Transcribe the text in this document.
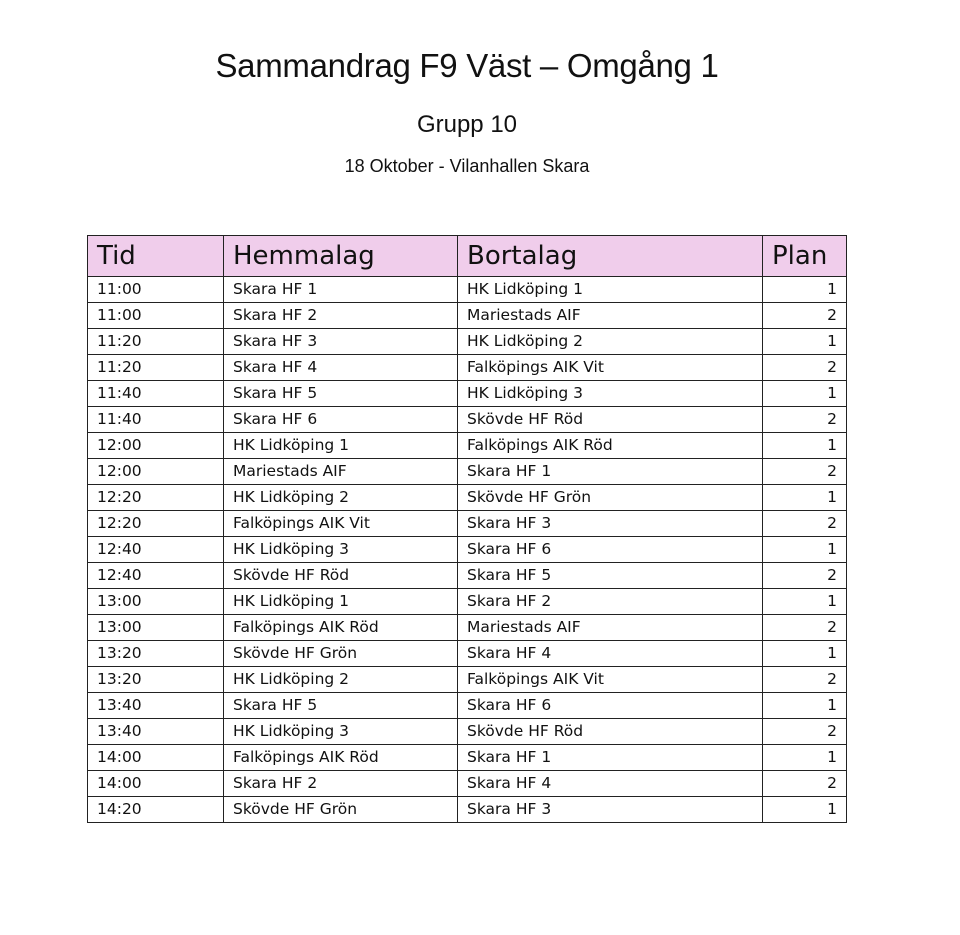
Sammandrag F9 Väst – Omgång 1
Grupp 10
18 Oktober - Vilanhallen Skara
Tid	Hemmalag	Bortalag	Plan
11:00	Skara HF 1	HK Lidköping 1	1
11:00	Skara HF 2	Mariestads AIF	2
11:20	Skara HF 3	HK Lidköping 2	1
11:20	Skara HF 4	Falköpings AIK Vit	2
11:40	Skara HF 5	HK Lidköping 3	1
11:40	Skara HF 6	Skövde HF Röd	2
12:00	HK Lidköping 1	Falköpings AIK Röd	1
12:00	Mariestads AIF	Skara HF 1	2
12:20	HK Lidköping 2	Skövde HF Grön	1
12:20	Falköpings AIK Vit	Skara HF 3	2
12:40	HK Lidköping 3	Skara HF 6	1
12:40	Skövde HF Röd	Skara HF 5	2
13:00	HK Lidköping 1	Skara HF 2	1
13:00	Falköpings AIK Röd	Mariestads AIF	2
13:20	Skövde HF Grön	Skara HF 4	1
13:20	HK Lidköping 2	Falköpings AIK Vit	2
13:40	Skara HF 5	Skara HF 6	1
13:40	HK Lidköping 3	Skövde HF Röd	2
14:00	Falköpings AIK Röd	Skara HF 1	1
14:00	Skara HF 2	Skara HF 4	2
14:20	Skövde HF Grön	Skara HF 3	1
